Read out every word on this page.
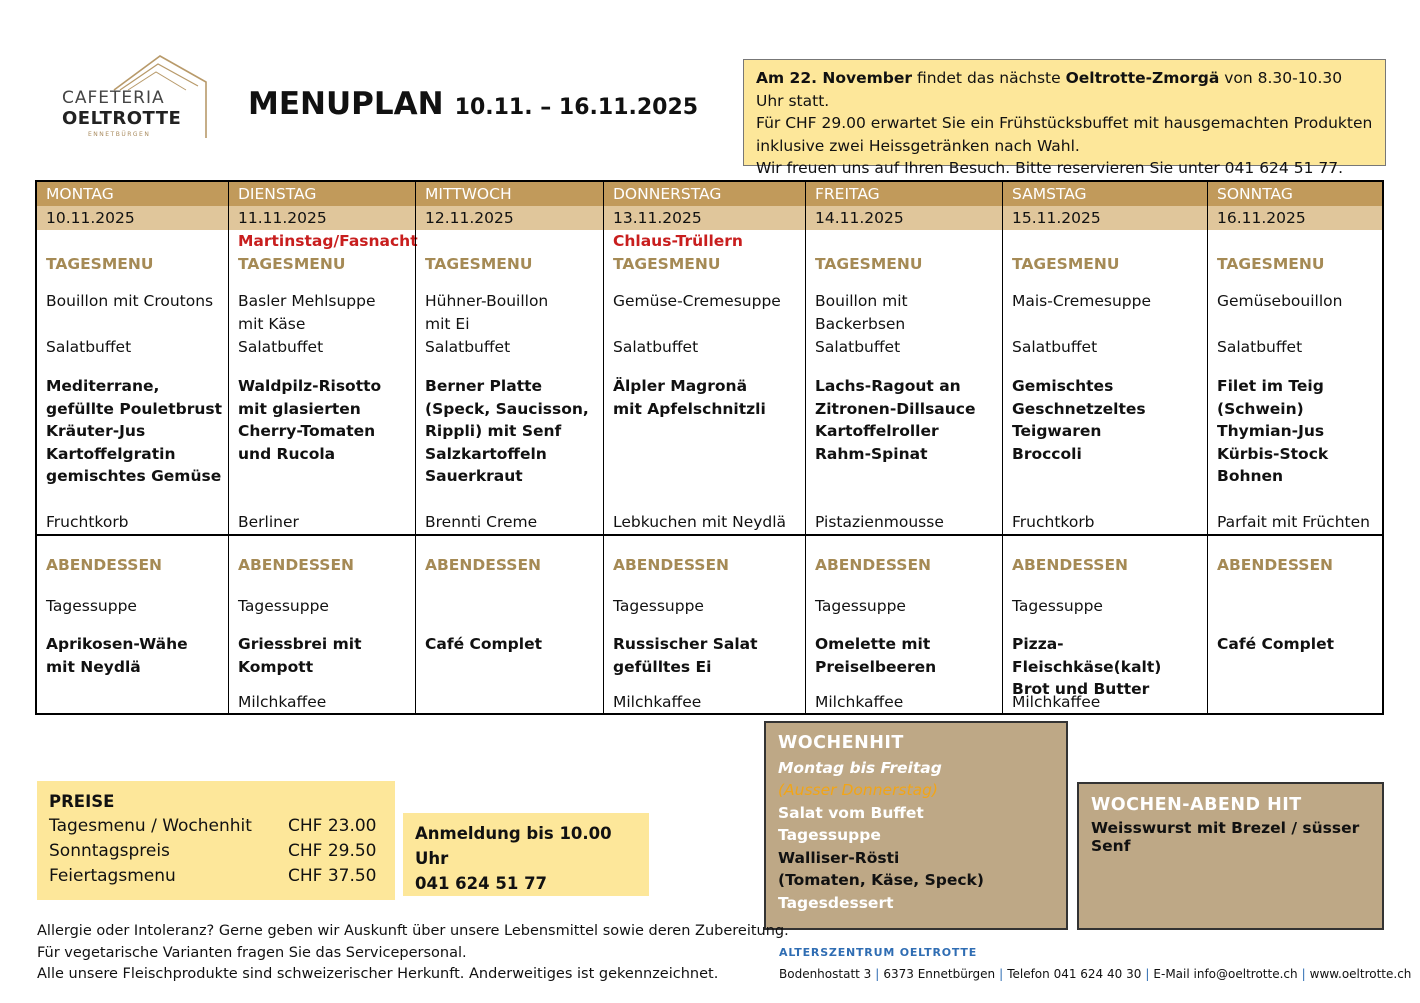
CAFETERIA
OELTROTTE
ENNETBÜRGEN
MENUPLAN 10.11. – 16.11.2025
Am 22. November findet das nächste Oeltrotte-Zmorgä von 8.30-10.30 Uhr statt.
Für CHF 29.00 erwartet Sie ein Frühstücksbuffet mit hausgemachten Produkten
inklusive zwei Heissgetränken nach Wahl.
Wir freuen uns auf Ihren Besuch. Bitte reservieren Sie unter 041 624 51 77.
MONTAG
10.11.2025
TAGESMENU
Bouillon mit Croutons
Salatbuffet
Mediterrane,
gefüllte Pouletbrust
Kräuter-Jus
Kartoffelgratin
gemischtes Gemüse
Fruchtkorb
ABENDESSEN
Tagessuppe
Aprikosen-Wähe
mit Neydlä
DIENSTAG
11.11.2025
Martinstag/Fasnacht
TAGESMENU
Basler Mehlsuppe
mit Käse
Salatbuffet
Waldpilz-Risotto
mit glasierten
Cherry-Tomaten
und Rucola
Berliner
ABENDESSEN
Tagessuppe
Griessbrei mit
Kompott
Milchkaffee
MITTWOCH
12.11.2025
TAGESMENU
Hühner-Bouillon
mit Ei
Salatbuffet
Berner Platte
(Speck, Saucisson,
Rippli) mit Senf
Salzkartoffeln
Sauerkraut
Brennti Creme
ABENDESSEN
Café Complet
DONNERSTAG
13.11.2025
Chlaus-Trüllern
TAGESMENU
Gemüse-Cremesuppe
Salatbuffet
Älpler Magronä
mit Apfelschnitzli
Lebkuchen mit Neydlä
ABENDESSEN
Tagessuppe
Russischer Salat
gefülltes Ei
Milchkaffee
FREITAG
14.11.2025
TAGESMENU
Bouillon mit
Backerbsen
Salatbuffet
Lachs-Ragout an
Zitronen-Dillsauce
Kartoffelroller
Rahm-Spinat
Pistazienmousse
ABENDESSEN
Tagessuppe
Omelette mit
Preiselbeeren
Milchkaffee
SAMSTAG
15.11.2025
TAGESMENU
Mais-Cremesuppe
Salatbuffet
Gemischtes
Geschnetzeltes
Teigwaren
Broccoli
Fruchtkorb
ABENDESSEN
Tagessuppe
Pizza-Fleischkäse(kalt)
Brot und Butter
Milchkaffee
SONNTAG
16.11.2025
TAGESMENU
Gemüsebouillon
Salatbuffet
Filet im Teig
(Schwein)
Thymian-Jus
Kürbis-Stock
Bohnen
Parfait mit Früchten
ABENDESSEN
Café Complet
WOCHENHIT
Montag bis Freitag
(Ausser Donnerstag)
Salat vom Buffet
Tagessuppe
Walliser-Rösti
(Tomaten, Käse, Speck)
Tagesdessert
WOCHEN-ABEND HIT
Weisswurst mit Brezel / süsser Senf
PREISE
Tagesmenu / Wochenhit CHF 23.00
Sonntagspreis	CHF 29.50
Feiertagsmenu	CHF 37.50
Anmeldung bis 10.00 Uhr
041 624 51 77
Allergie oder Intoleranz? Gerne geben wir Auskunft über unsere Lebensmittel sowie deren Zubereitung.
Für vegetarische Varianten fragen Sie das Servicepersonal.
Alle unsere Fleischprodukte sind schweizerischer Herkunft. Anderweitiges ist gekennzeichnet.
ALTERSZENTRUM OELTROTTE
Bodenhostatt 3 | 6373 Ennetbürgen | Telefon 041 624 40 30 | E-Mail info@oeltrotte.ch | www.oeltrotte.ch
